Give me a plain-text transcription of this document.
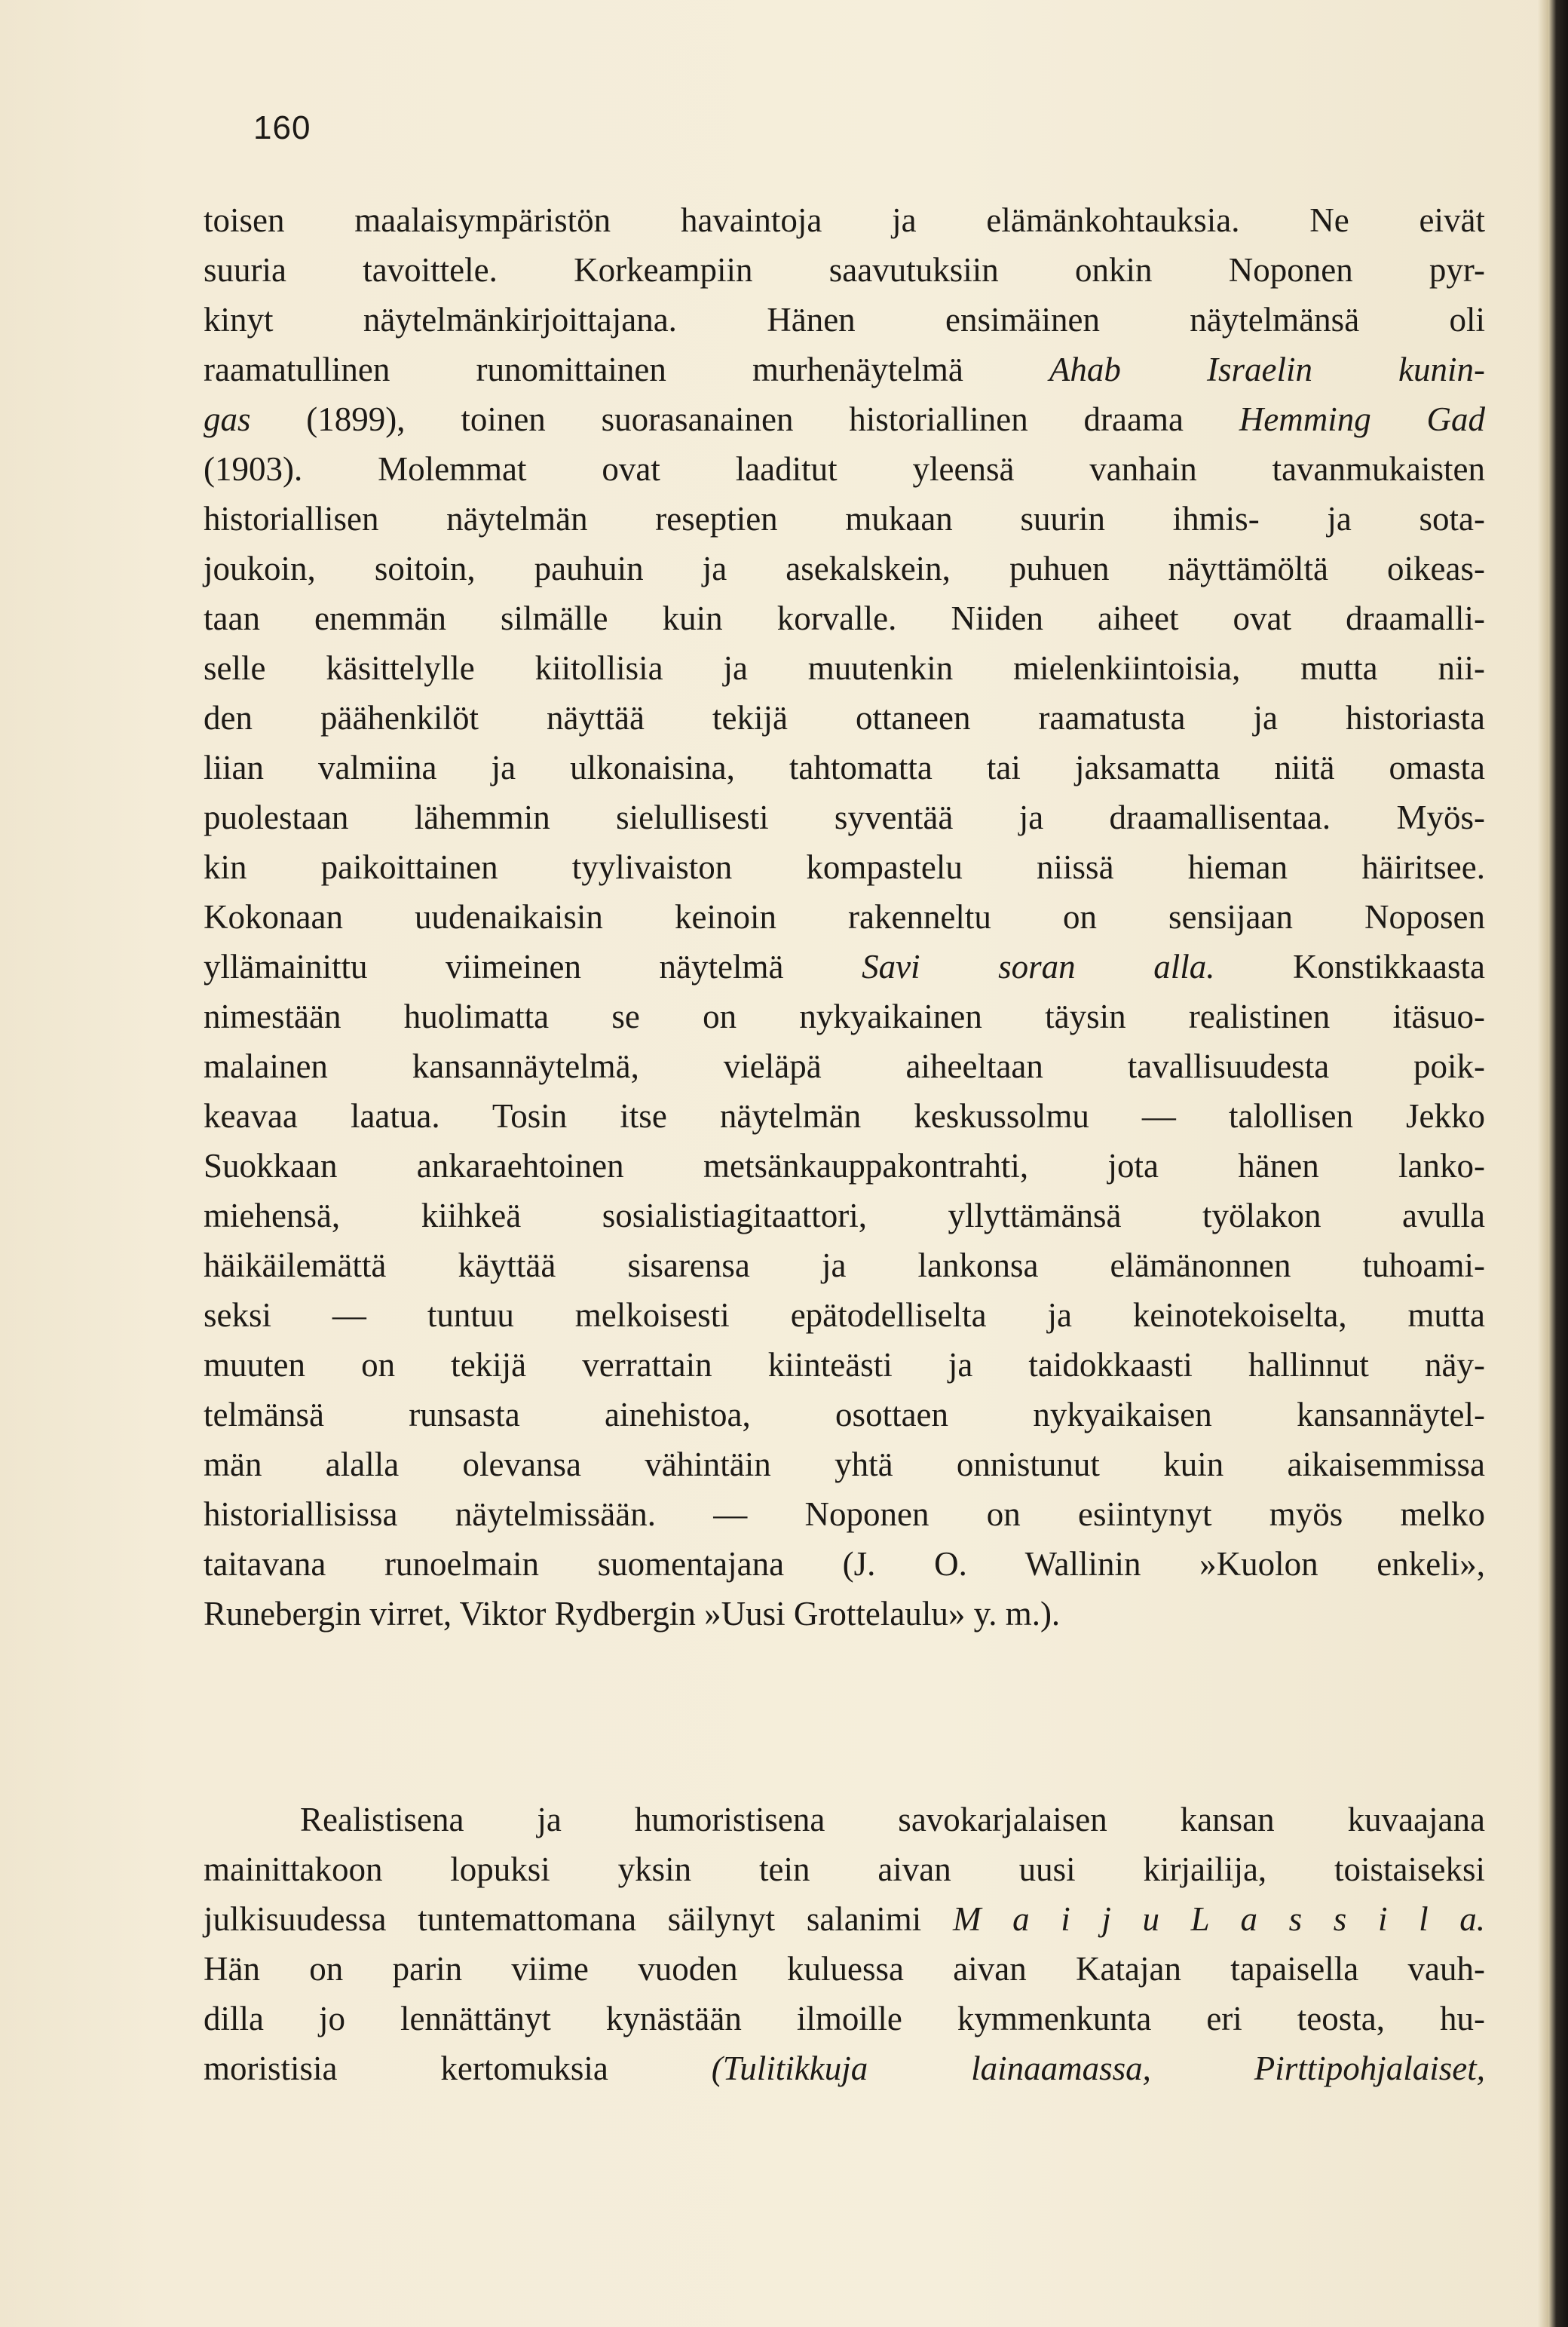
160
toisen maalaisympäristön havaintoja ja elämänkohtauksia. Ne eivät
suuria tavoittele. Korkeampiin saavutuksiin onkin Noponen pyr-
kinyt näytelmänkirjoittajana. Hänen ensimäinen näytelmänsä oli
raamatullinen runomittainen murhenäytelmä Ahab Israelin kunin-
gas (1899), toinen suorasanainen historiallinen draama Hemming Gad
(1903). Molemmat ovat laaditut yleensä vanhain tavanmukaisten
historiallisen näytelmän reseptien mukaan suurin ihmis- ja sota-
joukoin, soitoin, pauhuin ja asekalskein, puhuen näyttämöltä oikeas-
taan enemmän silmälle kuin korvalle. Niiden aiheet ovat draamalli-
selle käsittelylle kiitollisia ja muutenkin mielenkiintoisia, mutta nii-
den päähenkilöt näyttää tekijä ottaneen raamatusta ja historiasta
liian valmiina ja ulkonaisina, tahtomatta tai jaksamatta niitä omasta
puolestaan lähemmin sielullisesti syventää ja draamallisentaa. Myös-
kin paikoittainen tyylivaiston kompastelu niissä hieman häiritsee.
Kokonaan uudenaikaisin keinoin rakenneltu on sensijaan Noposen
yllämainittu viimeinen näytelmä Savi soran alla. Konstikkaasta
nimestään huolimatta se on nykyaikainen täysin realistinen itäsuo-
malainen kansannäytelmä, vieläpä aiheeltaan tavallisuudesta poik-
keavaa laatua. Tosin itse näytelmän keskussolmu — talollisen Jekko
Suokkaan ankaraehtoinen metsänkauppakontrahti, jota hänen lanko-
miehensä, kiihkeä sosialistiagitaattori, yllyttämänsä työlakon avulla
häikäilemättä käyttää sisarensa ja lankonsa elämänonnen tuhoami-
seksi — tuntuu melkoisesti epätodelliselta ja keinotekoiselta, mutta
muuten on tekijä verrattain kiinteästi ja taidokkaasti hallinnut näy-
telmänsä runsasta ainehistoa, osottaen nykyaikaisen kansannäytel-
män alalla olevansa vähintäin yhtä onnistunut kuin aikaisemmissa
historiallisissa näytelmissään. — Noponen on esiintynyt myös melko
taitavana runoelmain suomentajana (J. O. Wallinin »Kuolon enkeli»,
Runebergin virret, Viktor Rydbergin »Uusi Grottelaulu» y. m.).
Realistisena ja humoristisena savokarjalaisen kansan kuvaajana
mainittakoon lopuksi yksin tein aivan uusi kirjailija, toistaiseksi
julkisuudessa tuntemattomana säilynyt salanimi M a i j u L a s s i l a.
Hän on parin viime vuoden kuluessa aivan Katajan tapaisella vauh-
dilla jo lennättänyt kynästään ilmoille kymmenkunta eri teosta, hu-
moristisia kertomuksia (Tulitikkuja lainaamassa, Pirttipohjalaiset,
